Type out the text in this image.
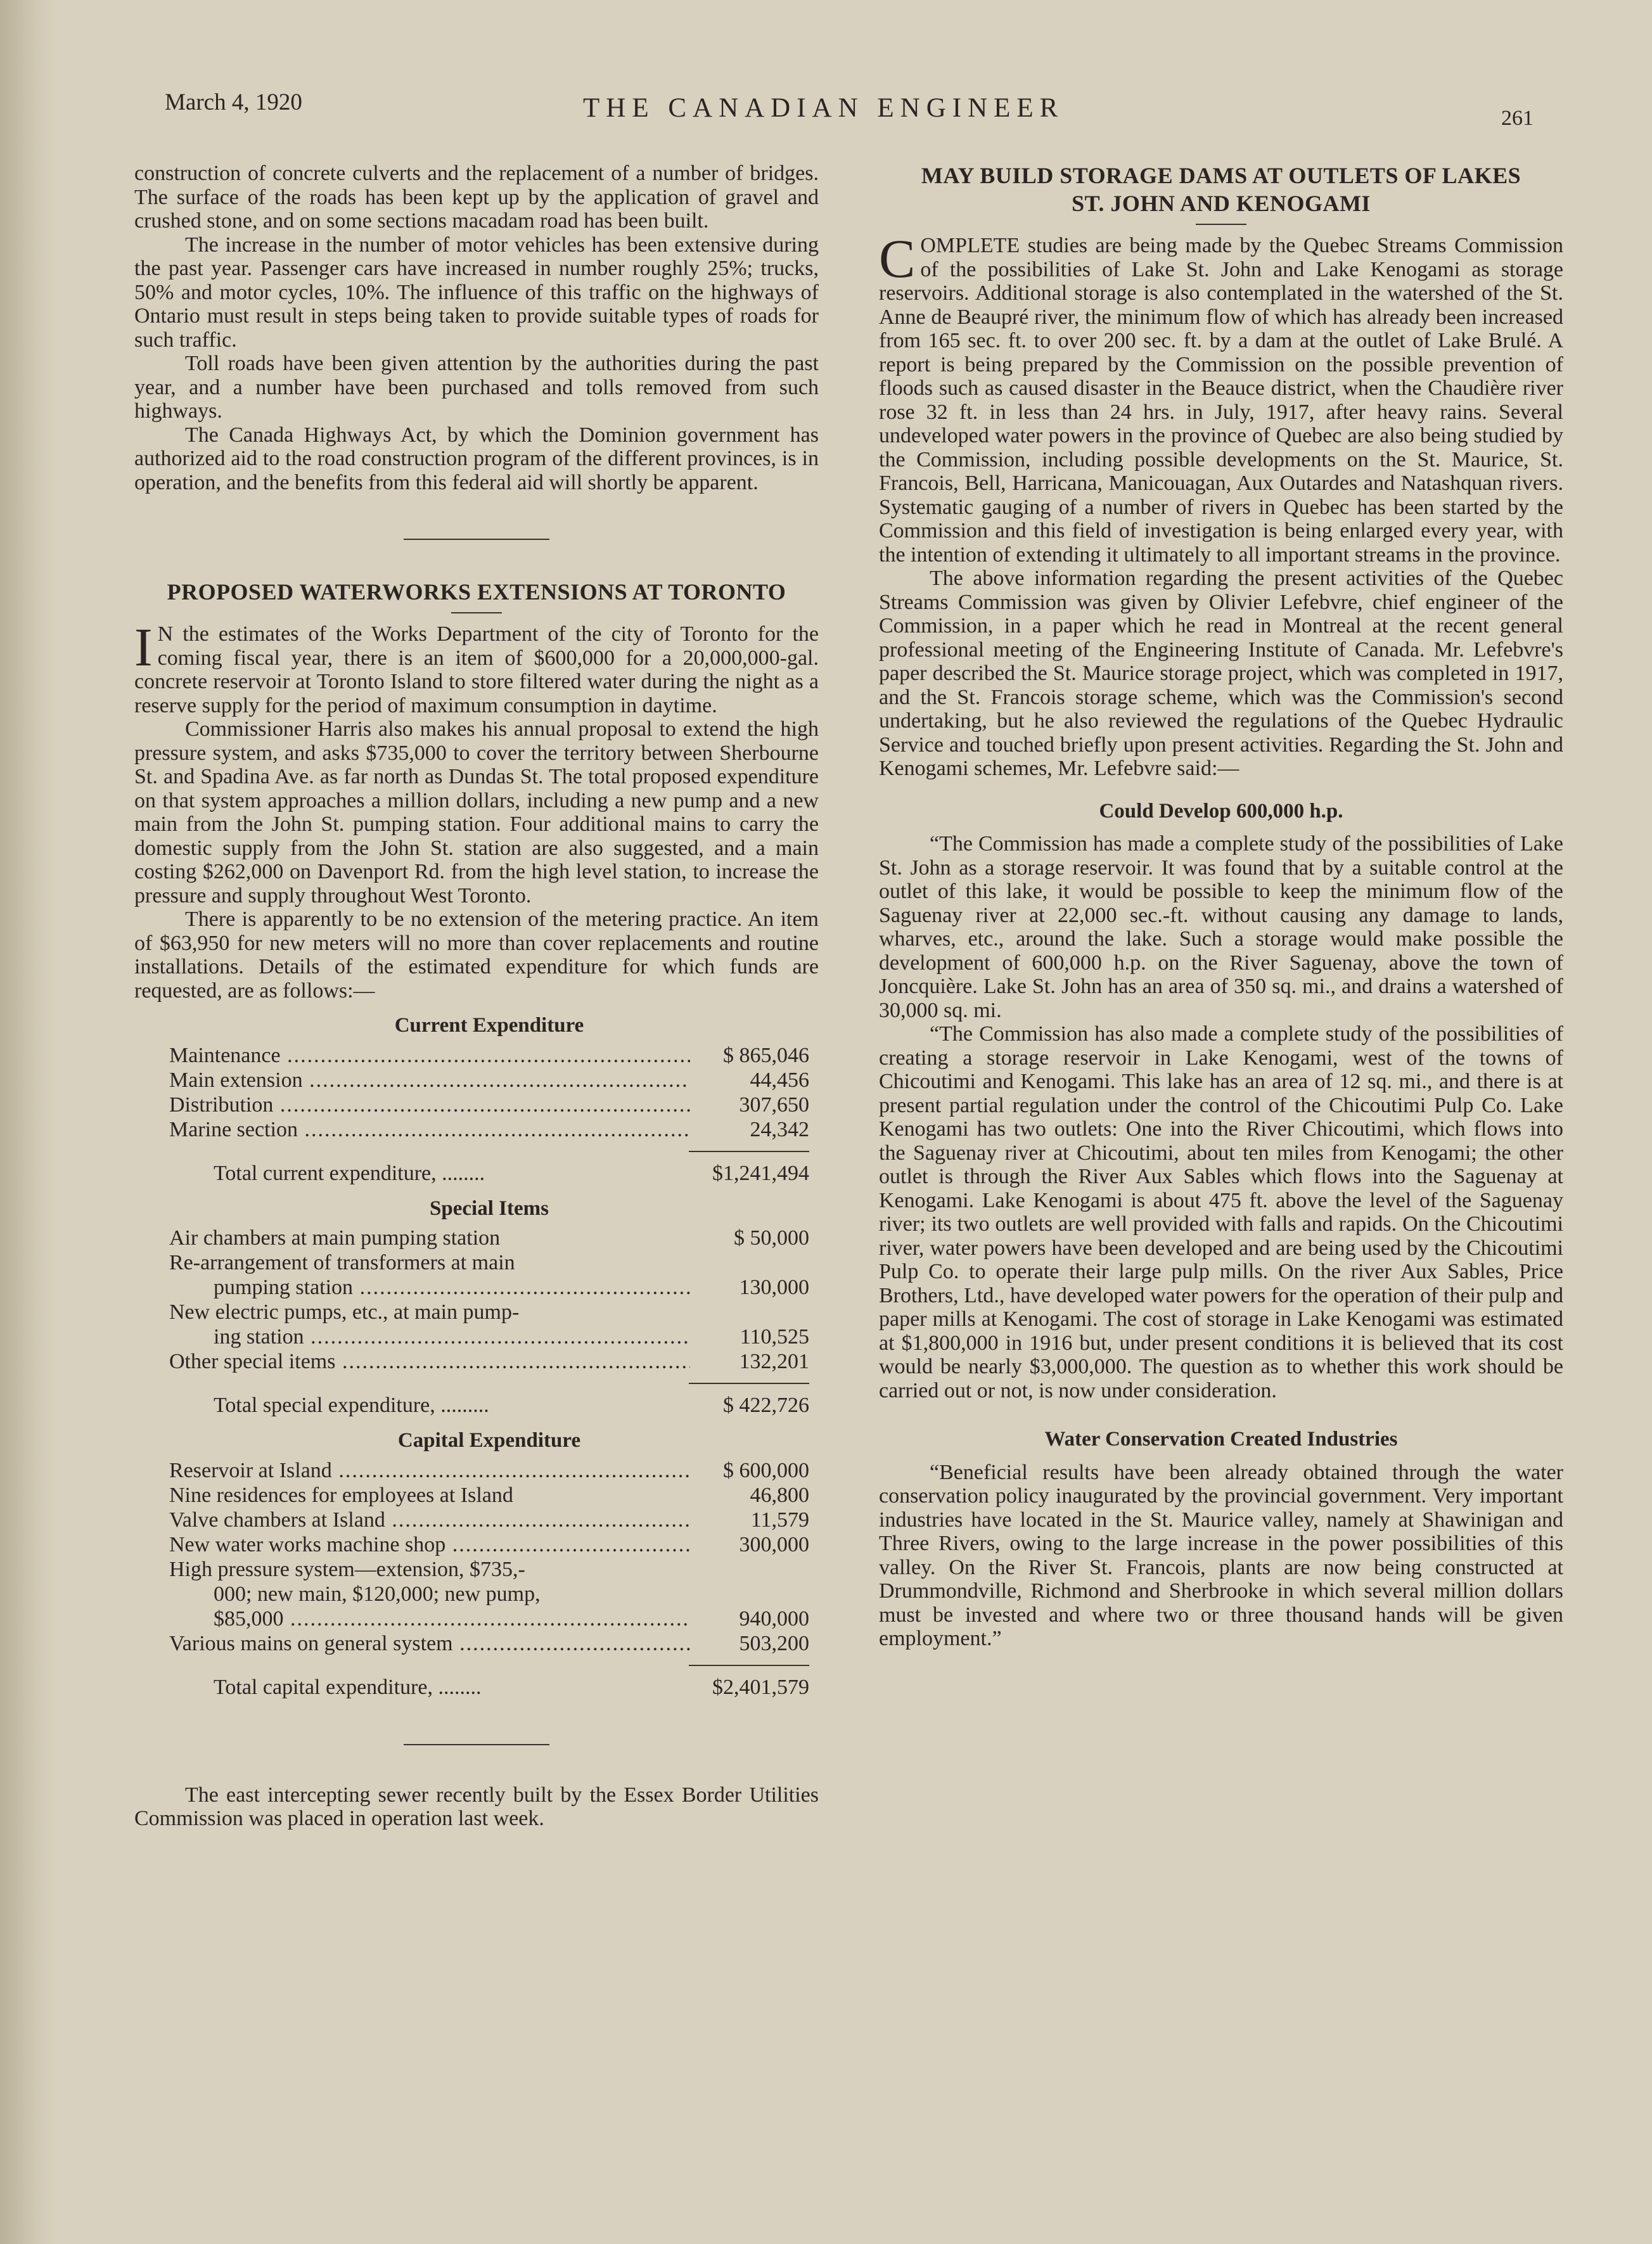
March 4, 1920	THE CANADIAN ENGINEER	261

construction of concrete culverts and the replacement of a number of bridges. The surface of the roads has been kept up by the application of gravel and crushed stone, and on some sections macadam road has been built.

The increase in the number of motor vehicles has been extensive during the past year. Passenger cars have increased in number roughly 25%; trucks, 50% and motor cycles, 10%. The influence of this traffic on the highways of Ontario must result in steps being taken to provide suitable types of roads for such traffic.

Toll roads have been given attention by the authorities during the past year, and a number have been purchased and tolls removed from such highways.

The Canada Highways Act, by which the Dominion government has authorized aid to the road construction program of the different provinces, is in operation, and the benefits from this federal aid will shortly be apparent.

PROPOSED WATERWORKS EXTENSIONS AT TORONTO

I N the estimates of the Works Department of the city of Toronto for the coming fiscal year, there is an item of $600,000 for a 20,000,000-gal. concrete reservoir at Toronto Island to store filtered water during the night as a reserve supply for the period of maximum consumption in daytime.

Commissioner Harris also makes his annual proposal to extend the high pressure system, and asks $735,000 to cover the territory between Sherbourne St. and Spadina Ave. as far north as Dundas St. The total proposed expenditure on that system approaches a million dollars, including a new pump and a new main from the John St. pumping station. Four additional mains to carry the domestic supply from the John St. station are also suggested, and a main costing $262,000 on Davenport Rd. from the high level station, to increase the pressure and supply throughout West Toronto.

There is apparently to be no extension of the metering practice. An item of $63,950 for new meters will no more than cover replacements and routine installations. Details of the estimated expenditure for which funds are requested, are as follows:—

Current Expenditure
Maintenance .....	$ 865,046
Main extension .....	44,456
Distribution .....	307,650
Marine section .....	24,342
Total current expenditure, ........	$1,241,494
Special Items
Air chambers at main pumping station	$ 50,000
Re-arrangement of transformers at main
pumping station .....	130,000
New electric pumps, etc., at main pump-
ing station .....	110,525
Other special items .....	132,201
Total special expenditure, .........	$ 422,726
Capital Expenditure
Reservoir at Island .....	$ 600,000
Nine residences for employees at Island	46,800
Valve chambers at Island .....	11,579
New water works machine shop .....	300,000
High pressure system—extension, $735,-
000; new main, $120,000; new pump,
$85,000 .....	940,000
Various mains on general system .....	503,200
Total capital expenditure, ........	$2,401,579

The east intercepting sewer recently built by the Essex Border Utilities Commission was placed in operation last week.

MAY BUILD STORAGE DAMS AT OUTLETS OF LAKES
ST. JOHN AND KENOGAMI

COMPLETE studies are being made by the Quebec Streams Commission of the possibilities of Lake St. John and Lake Kenogami as storage reservoirs. Additional storage is also contemplated in the watershed of the St. Anne de Beaupré river, the minimum flow of which has already been increased from 165 sec. ft. to over 200 sec. ft. by a dam at the outlet of Lake Brulé. A report is being prepared by the Commission on the possible prevention of floods such as caused disaster in the Beauce district, when the Chaudière river rose 32 ft. in less than 24 hrs. in July, 1917, after heavy rains. Several undeveloped water powers in the province of Quebec are also being studied by the Commission, including possible developments on the St. Maurice, St. Francois, Bell, Harricana, Manicouagan, Aux Outardes and Natashquan rivers. Systematic gauging of a number of rivers in Quebec has been started by the Commission and this field of investigation is being enlarged every year, with the intention of extending it ultimately to all important streams in the province.

The above information regarding the present activities of the Quebec Streams Commission was given by Olivier Lefebvre, chief engineer of the Commission, in a paper which he read in Montreal at the recent general professional meeting of the Engineering Institute of Canada. Mr. Lefebvre's paper described the St. Maurice storage project, which was completed in 1917, and the St. Francois storage scheme, which was the Commission's second undertaking, but he also reviewed the regulations of the Quebec Hydraulic Service and touched briefly upon present activities. Regarding the St. John and Kenogami schemes, Mr. Lefebvre said:—

Could Develop 600,000 h.p.

“The Commission has made a complete study of the possibilities of Lake St. John as a storage reservoir. It was found that by a suitable control at the outlet of this lake, it would be possible to keep the minimum flow of the Saguenay river at 22,000 sec.-ft. without causing any damage to lands, wharves, etc., around the lake. Such a storage would make possible the development of 600,000 h.p. on the River Saguenay, above the town of Joncquière. Lake St. John has an area of 350 sq. mi., and drains a watershed of 30,000 sq. mi.

“The Commission has also made a complete study of the possibilities of creating a storage reservoir in Lake Kenogami, west of the towns of Chicoutimi and Kenogami. This lake has an area of 12 sq. mi., and there is at present partial regulation under the control of the Chicoutimi Pulp Co. Lake Kenogami has two outlets: One into the River Chicoutimi, which flows into the Saguenay river at Chicoutimi, about ten miles from Kenogami; the other outlet is through the River Aux Sables which flows into the Saguenay at Kenogami. Lake Kenogami is about 475 ft. above the level of the Saguenay river; its two outlets are well provided with falls and rapids. On the Chicoutimi river, water powers have been developed and are being used by the Chicoutimi Pulp Co. to operate their large pulp mills. On the river Aux Sables, Price Brothers, Ltd., have developed water powers for the operation of their pulp and paper mills at Kenogami. The cost of storage in Lake Kenogami was estimated at $1,800,000 in 1916 but, under present conditions it is believed that its cost would be nearly $3,000,000. The question as to whether this work should be carried out or not, is now under consideration.

Water Conservation Created Industries

“Beneficial results have been already obtained through the water conservation policy inaugurated by the provincial government. Very important industries have located in the St. Maurice valley, namely at Shawinigan and Three Rivers, owing to the large increase in the power possibilities of this valley. On the River St. Francois, plants are now being constructed at Drummondville, Richmond and Sherbrooke in which several million dollars must be invested and where two or three thousand hands will be given employment.”
